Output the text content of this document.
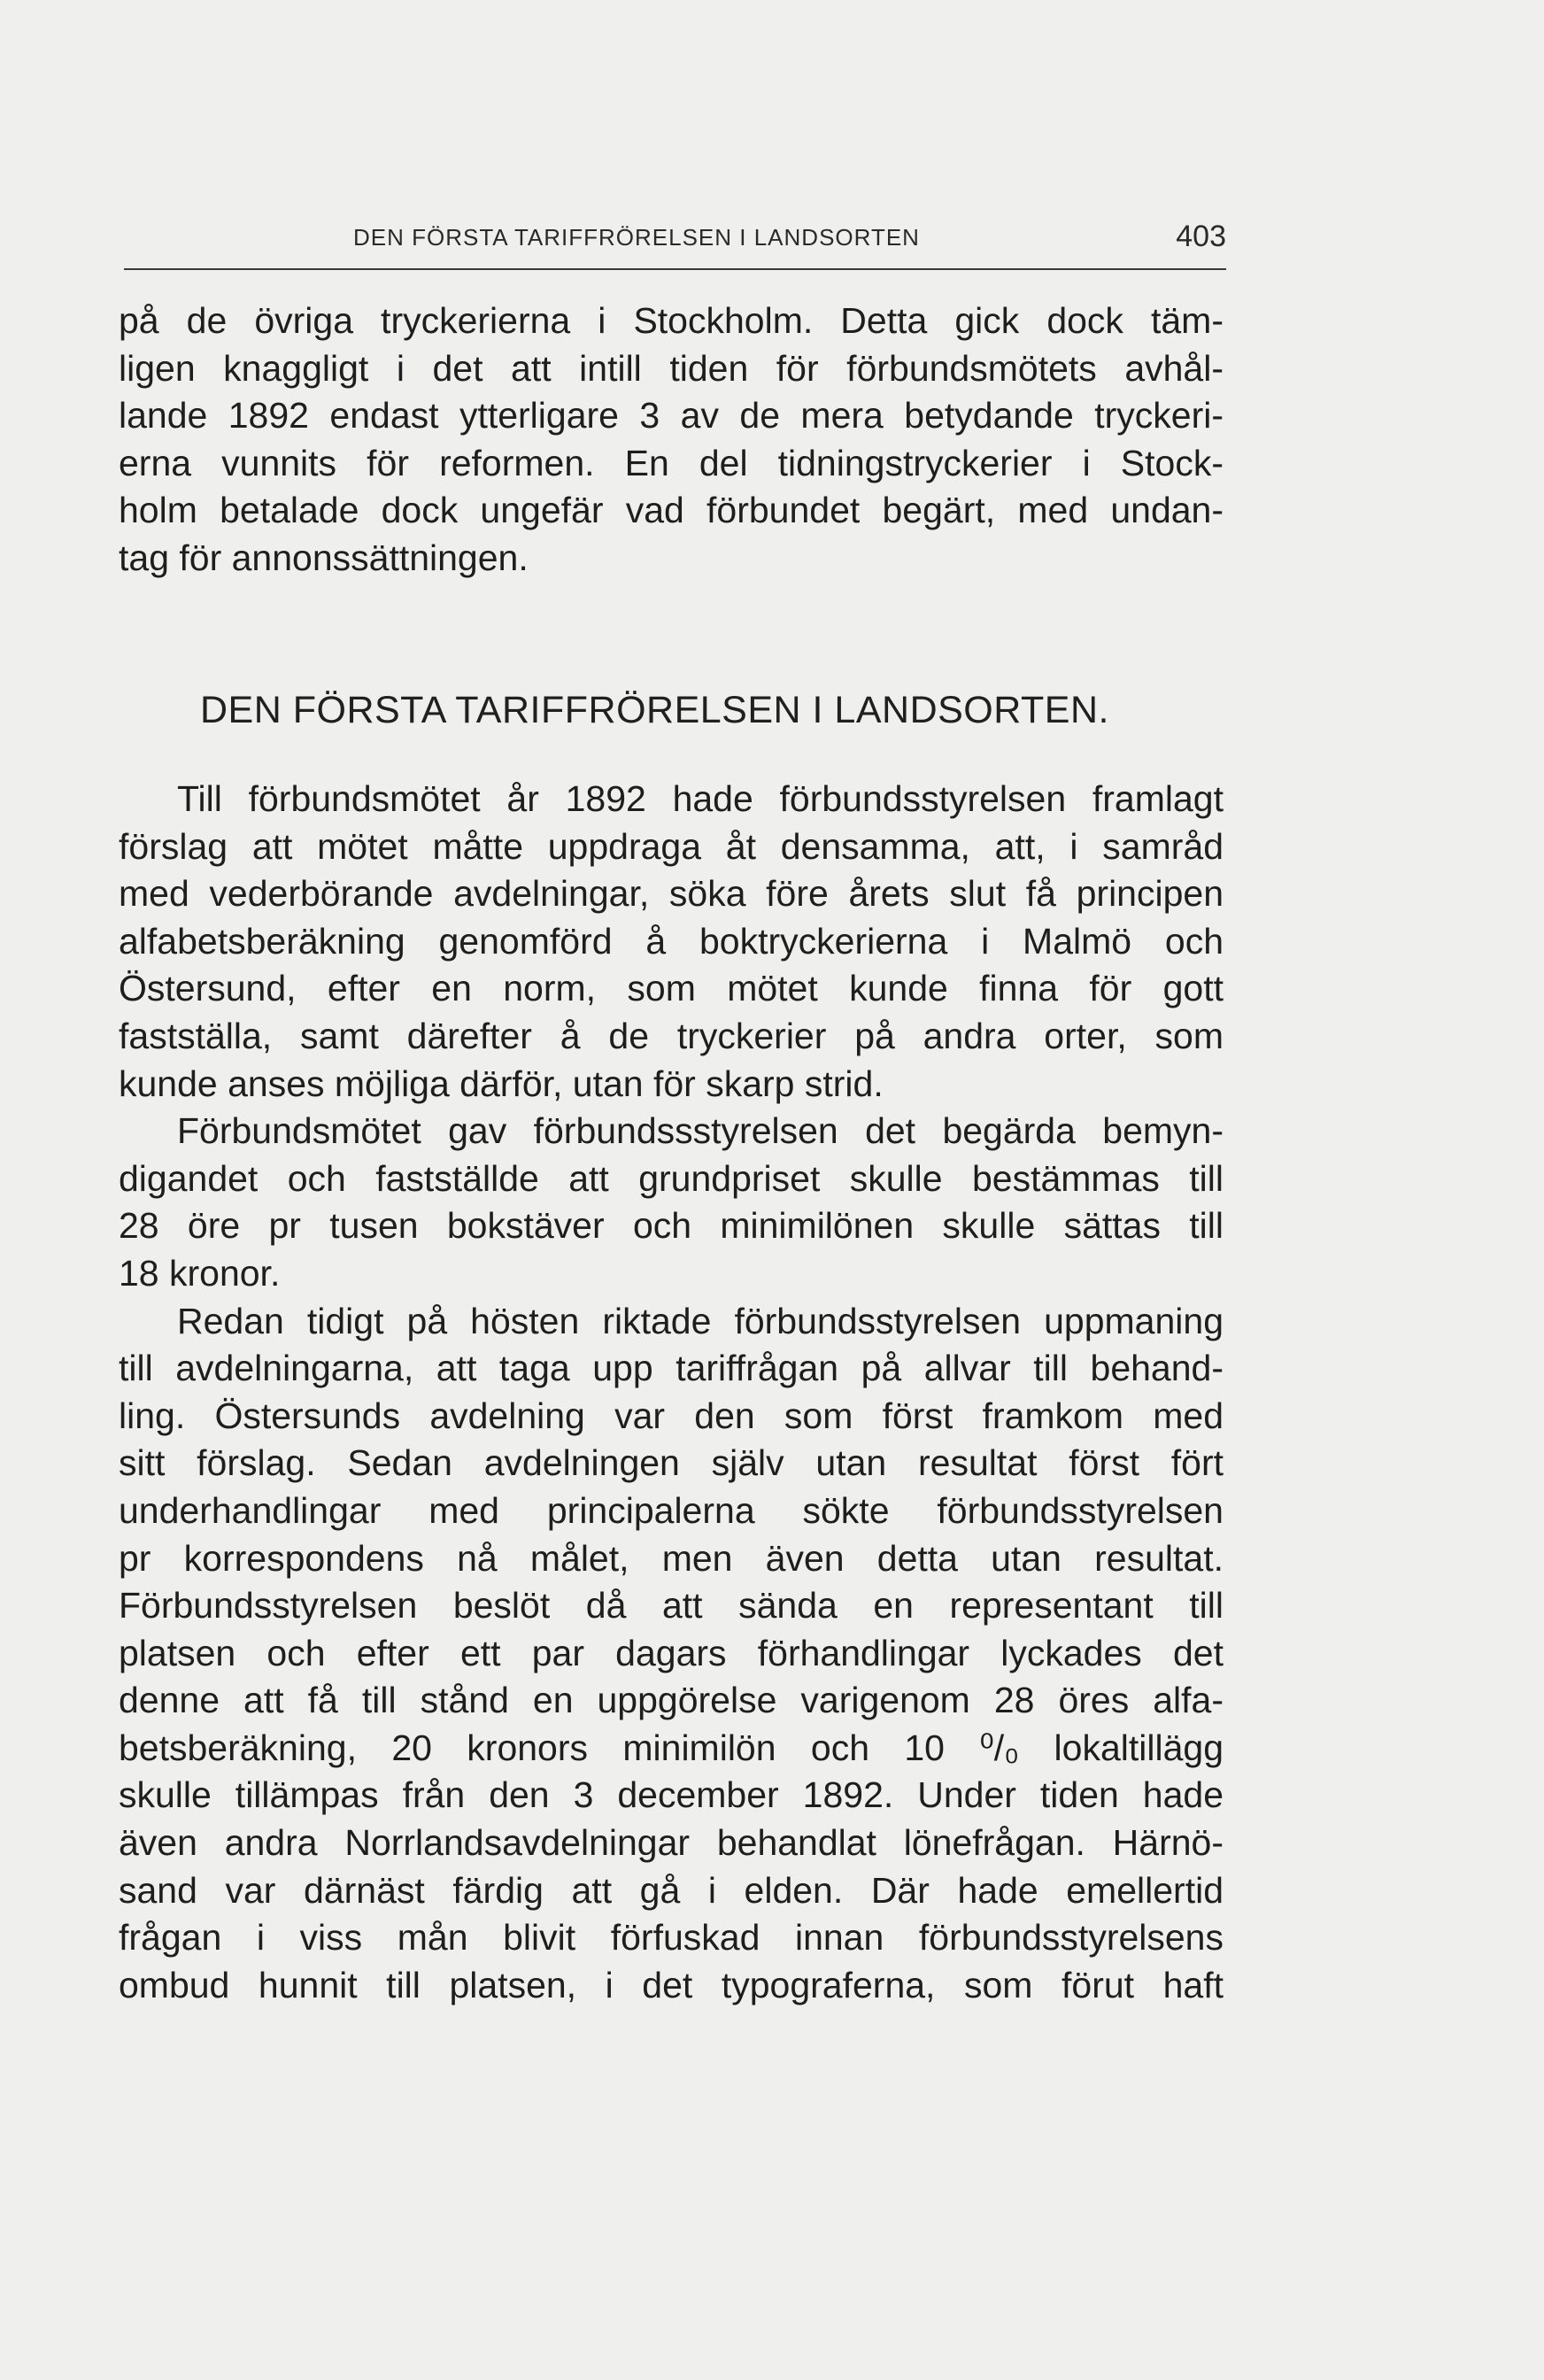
DEN FÖRSTA TARIFFRÖRELSEN I LANDSORTEN	403
på de övriga tryckerierna i Stockholm. Detta gick dock täm-
ligen knaggligt i det att intill tiden för förbundsmötets avhål-
lande 1892 endast ytterligare 3 av de mera betydande tryckeri-
erna vunnits för reformen. En del tidningstryckerier i Stock-
holm betalade dock ungefär vad förbundet begärt, med undan-
tag för annonssättningen.
DEN FÖRSTA TARIFFRÖRELSEN I LANDSORTEN.
Till förbundsmötet år 1892 hade förbundsstyrelsen framlagt
förslag att mötet måtte uppdraga åt densamma, att, i samråd
med vederbörande avdelningar, söka före årets slut få principen
alfabetsberäkning genomförd å boktryckerierna i Malmö och
Östersund, efter en norm, som mötet kunde finna för gott
fastställa, samt därefter å de tryckerier på andra orter, som
kunde anses möjliga därför, utan för skarp strid.
Förbundsmötet gav förbundssstyrelsen det begärda bemyn-
digandet och fastställde att grundpriset skulle bestämmas till
28 öre pr tusen bokstäver och minimilönen skulle sättas till
18 kronor.
Redan tidigt på hösten riktade förbundsstyrelsen uppmaning
till avdelningarna, att taga upp tariffrågan på allvar till behand-
ling. Östersunds avdelning var den som först framkom med
sitt förslag. Sedan avdelningen själv utan resultat först fört
underhandlingar med principalerna sökte förbundsstyrelsen
pr korrespondens nå målet, men även detta utan resultat.
Förbundsstyrelsen beslöt då att sända en representant till
platsen och efter ett par dagars förhandlingar lyckades det
denne att få till stånd en uppgörelse varigenom 28 öres alfa-
betsberäkning, 20 kronors minimilön och 10 ⁰/₀ lokaltillägg
skulle tillämpas från den 3 december 1892. Under tiden hade
även andra Norrlandsavdelningar behandlat lönefrågan. Härnö-
sand var därnäst färdig att gå i elden. Där hade emellertid
frågan i viss mån blivit förfuskad innan förbundsstyrelsens
ombud hunnit till platsen, i det typograferna, som förut haft
